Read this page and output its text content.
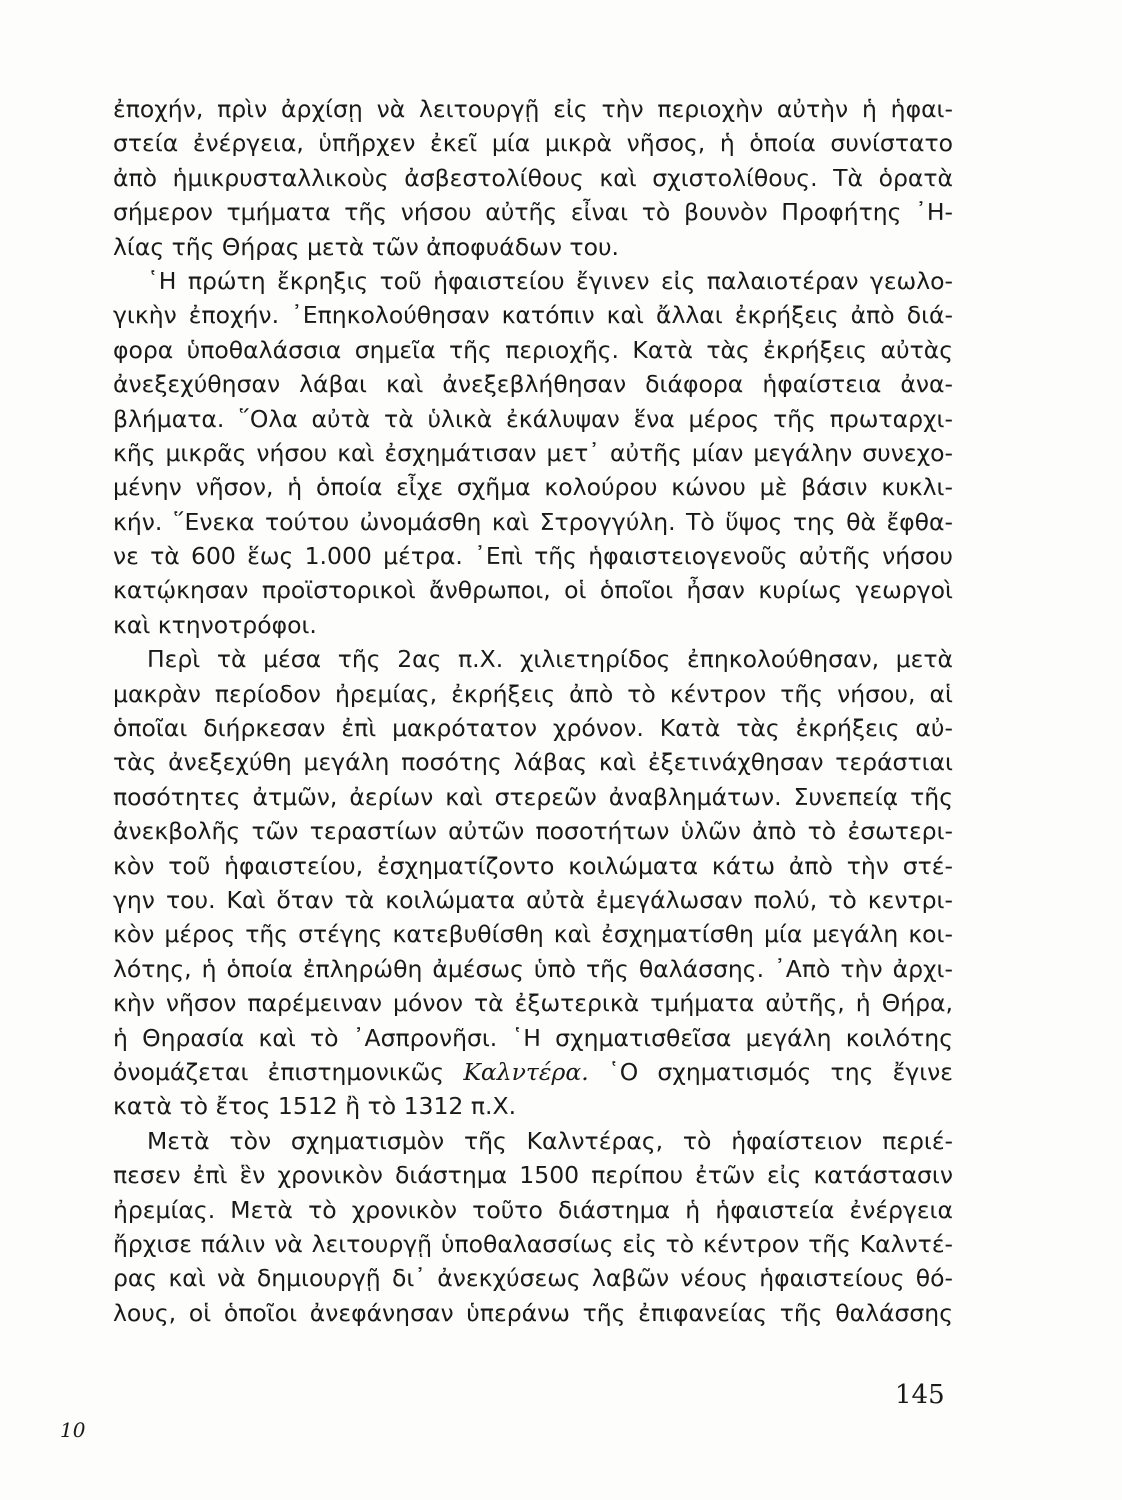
ἐποχήν, πρὶν ἀρχίσῃ νὰ λειτουργῇ εἰς τὴν περιοχὴν αὐτὴν ἡ ἡφαι-
στεία ἐνέργεια, ὑπῆρχεν ἐκεῖ μία μικρὰ νῆσος, ἡ ὁποία συνίστατο
ἀπὸ ἡμικρυσταλλικοὺς ἀσβεστολίθους καὶ σχιστολίθους. Τὰ ὁρατὰ
σήμερον τμήματα τῆς νήσου αὐτῆς εἶναι τὸ βουνὸν Προφήτης ᾿Η-
λίας τῆς Θήρας μετὰ τῶν ἀποφυάδων του.
῾Η πρώτη ἔκρηξις τοῦ ἡφαιστείου ἔγινεν εἰς παλαιοτέραν γεωλο-
γικὴν ἐποχήν. ᾿Επηκολούθησαν κατόπιν καὶ ἄλλαι ἐκρήξεις ἀπὸ διά-
φορα ὑποθαλάσσια σημεῖα τῆς περιοχῆς. Κατὰ τὰς ἐκρήξεις αὐτὰς
ἀνεξεχύθησαν λάβαι καὶ ἀνεξεβλήθησαν διάφορα ἡφαίστεια ἀνα-
βλήματα. ῞Ολα αὐτὰ τὰ ὑλικὰ ἐκάλυψαν ἕνα μέρος τῆς πρωταρχι-
κῆς μικρᾶς νήσου καὶ ἐσχημάτισαν μετ᾿ αὐτῆς μίαν μεγάλην συνεχο-
μένην νῆσον, ἡ ὁποία εἶχε σχῆμα κολούρου κώνου μὲ βάσιν κυκλι-
κήν. ῞Ενεκα τούτου ὠνομάσθη καὶ Στρογγύλη. Τὸ ὕψος της θὰ ἔφθα-
νε τὰ 600 ἕως 1.000 μέτρα. ᾿Επὶ τῆς ἡφαιστειογενοῦς αὐτῆς νήσου
κατῴκησαν προϊστορικοὶ ἄνθρωποι, οἱ ὁποῖοι ἦσαν κυρίως γεωργοὶ
καὶ κτηνοτρόφοι.
Περὶ τὰ μέσα τῆς 2ας π.Χ. χιλιετηρίδος ἐπηκολούθησαν, μετὰ
μακρὰν περίοδον ἠρεμίας, ἐκρήξεις ἀπὸ τὸ κέντρον τῆς νήσου, αἱ
ὁποῖαι διήρκεσαν ἐπὶ μακρότατον χρόνον. Κατὰ τὰς ἐκρήξεις αὐ-
τὰς ἀνεξεχύθη μεγάλη ποσότης λάβας καὶ ἐξετινάχθησαν τεράστιαι
ποσότητες ἀτμῶν, ἀερίων καὶ στερεῶν ἀναβλημάτων. Συνεπείᾳ τῆς
ἀνεκβολῆς τῶν τεραστίων αὐτῶν ποσοτήτων ὑλῶν ἀπὸ τὸ ἐσωτερι-
κὸν τοῦ ἡφαιστείου, ἐσχηματίζοντο κοιλώματα κάτω ἀπὸ τὴν στέ-
γην του. Καὶ ὅταν τὰ κοιλώματα αὐτὰ ἐμεγάλωσαν πολύ, τὸ κεντρι-
κὸν μέρος τῆς στέγης κατεβυθίσθη καὶ ἐσχηματίσθη μία μεγάλη κοι-
λότης, ἡ ὁποία ἐπληρώθη ἀμέσως ὑπὸ τῆς θαλάσσης. ᾿Απὸ τὴν ἀρχι-
κὴν νῆσον παρέμειναν μόνον τὰ ἐξωτερικὰ τμήματα αὐτῆς, ἡ Θήρα,
ἡ Θηρασία καὶ τὸ ᾿Ασπρονῆσι. ῾Η σχηματισθεῖσα μεγάλη κοιλότης
ὀνομάζεται ἐπιστημονικῶς Καλντέρα. ῾Ο σχηματισμός της ἔγινε
κατὰ τὸ ἔτος 1512 ἢ τὸ 1312 π.Χ.
Μετὰ τὸν σχηματισμὸν τῆς Καλντέρας, τὸ ἡφαίστειον περιέ-
πεσεν ἐπὶ ἓν χρονικὸν διάστημα 1500 περίπου ἐτῶν εἰς κατάστασιν
ἠρεμίας. Μετὰ τὸ χρονικὸν τοῦτο διάστημα ἡ ἡφαιστεία ἐνέργεια
ἤρχισε πάλιν νὰ λειτουργῇ ὑποθαλασσίως εἰς τὸ κέντρον τῆς Καλντέ-
ρας καὶ νὰ δημιουργῇ δι᾿ ἀνεκχύσεως λαβῶν νέους ἡφαιστείους θό-
λους, οἱ ὁποῖοι ἀνεφάνησαν ὑπεράνω τῆς ἐπιφανείας τῆς θαλάσσης
145
10
